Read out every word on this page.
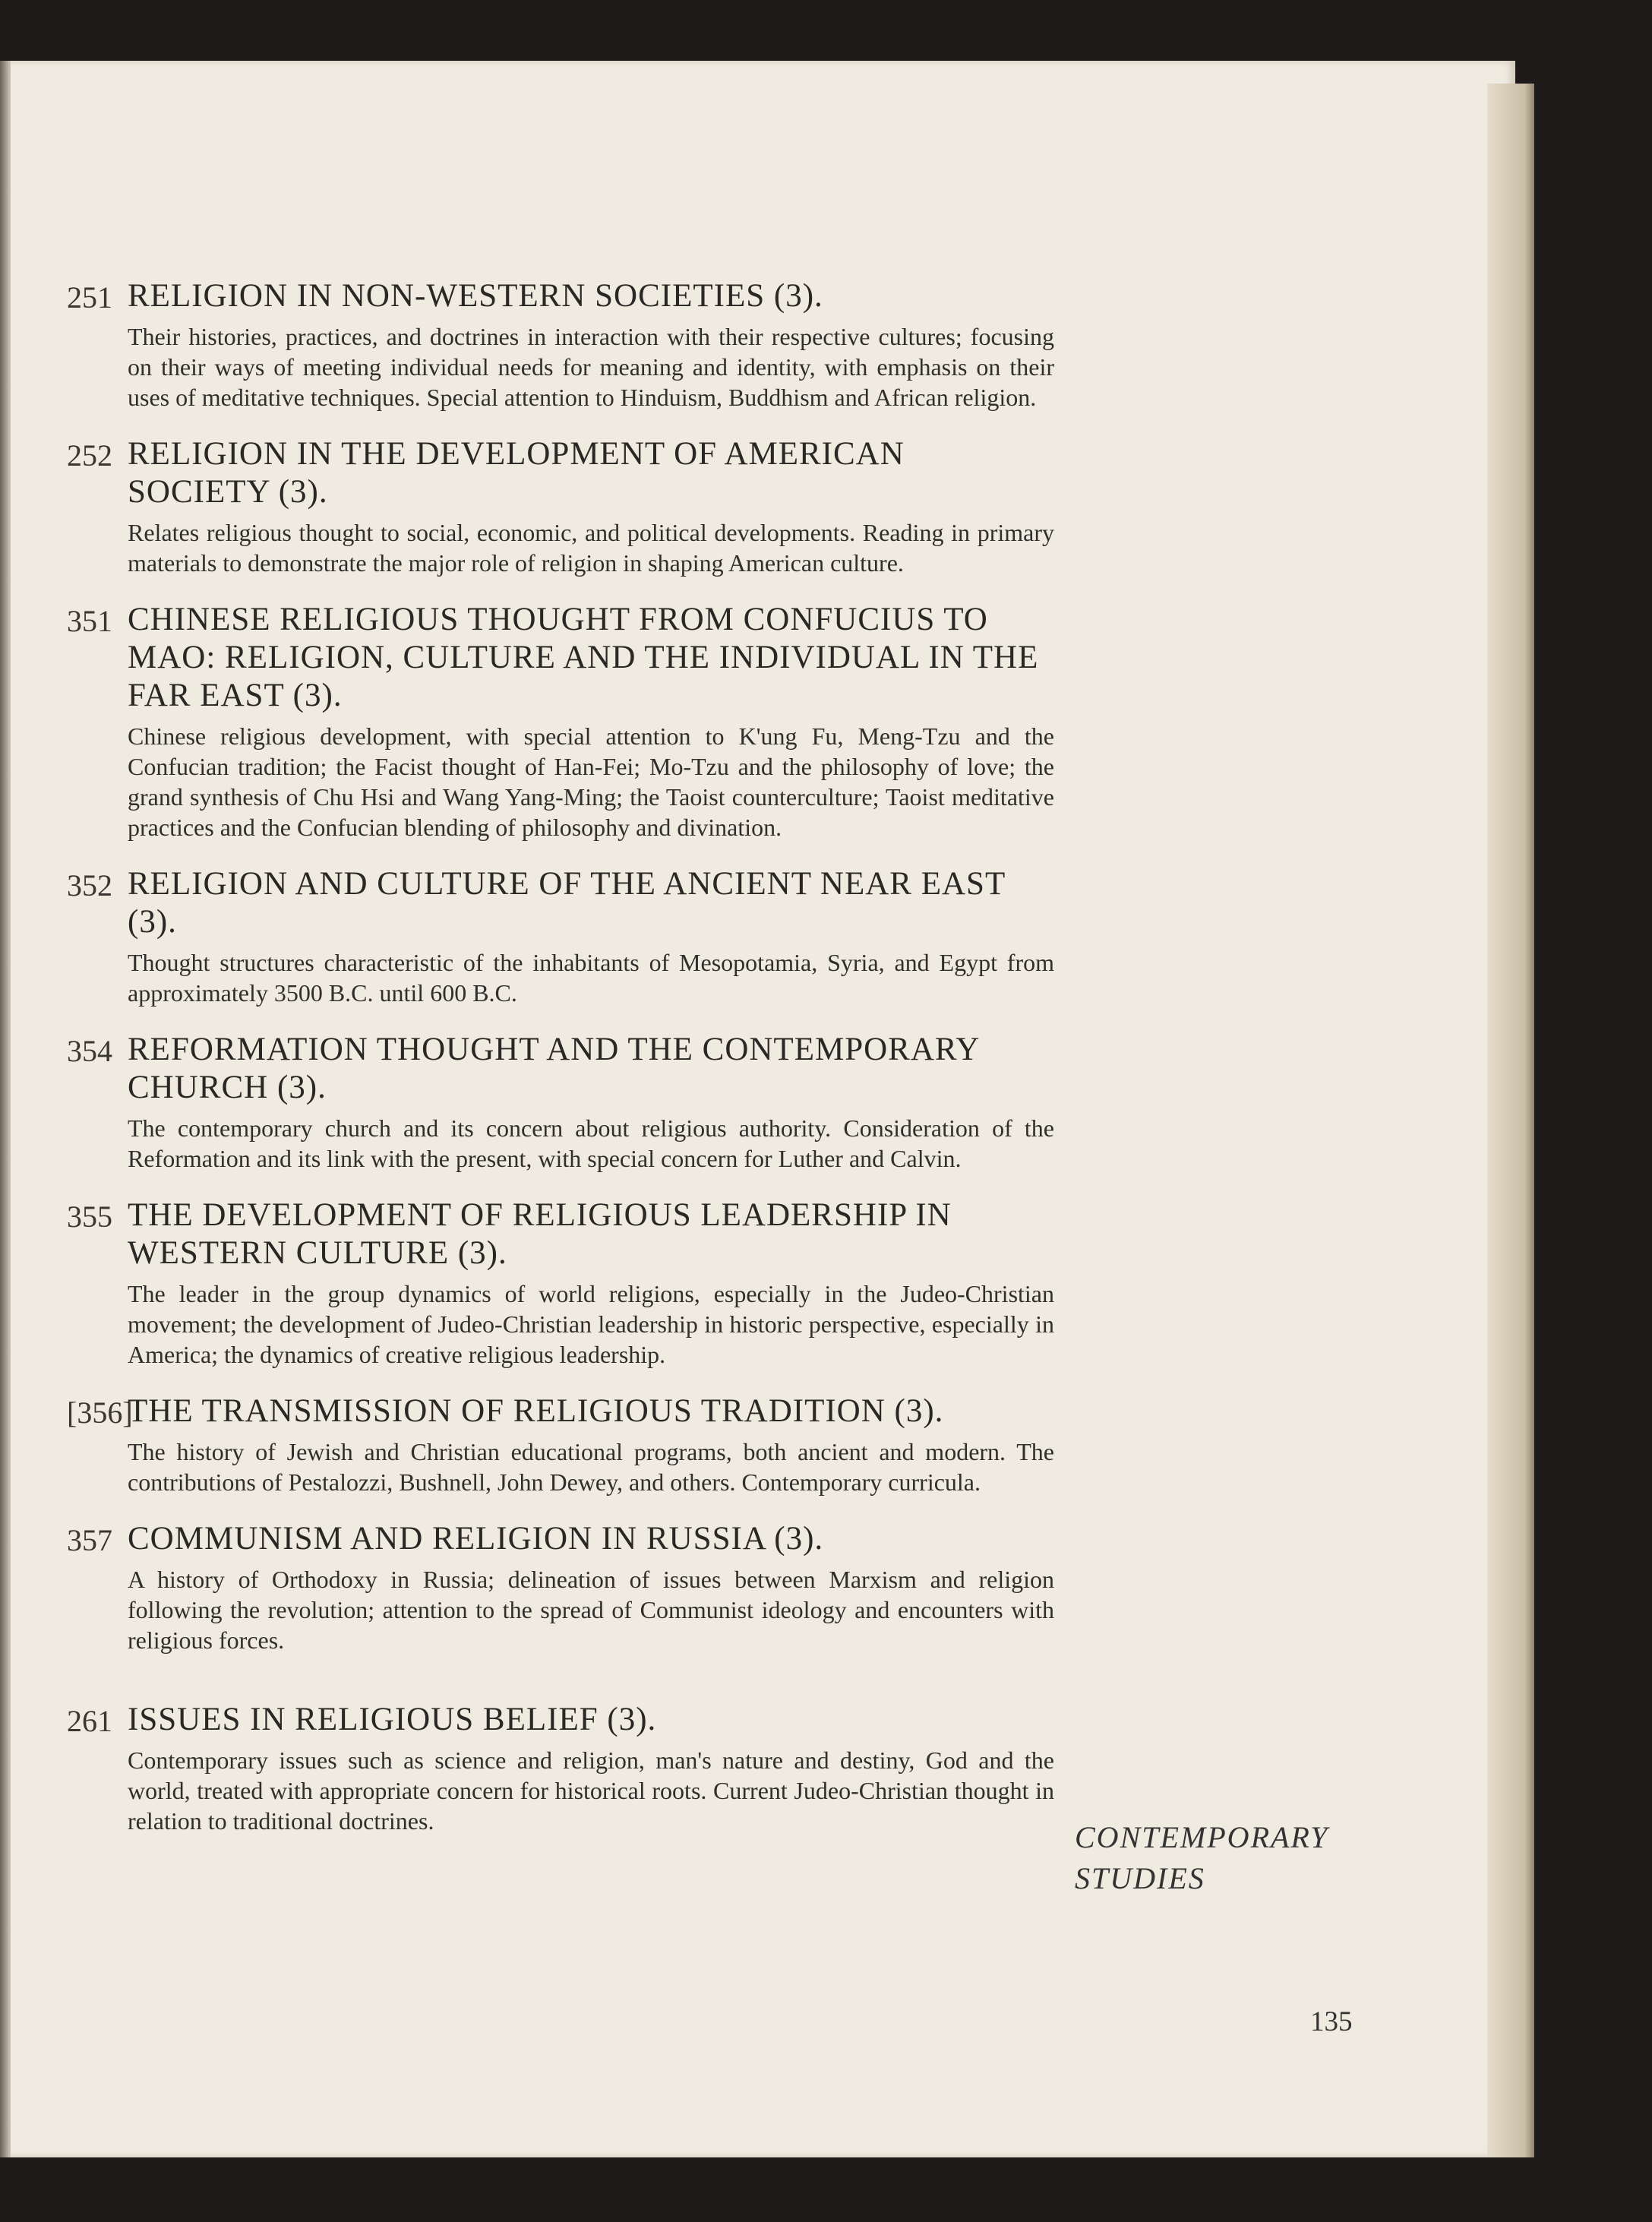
251 RELIGION IN NON-WESTERN SOCIETIES (3).
Their histories, practices, and doctrines in interaction with their respective cultures; focusing on their ways of meeting individual needs for meaning and identity, with emphasis on their uses of meditative techniques. Special attention to Hinduism, Buddhism and African religion.
252 RELIGION IN THE DEVELOPMENT OF AMERICAN SOCIETY (3).
Relates religious thought to social, economic, and political developments. Reading in primary materials to demonstrate the major role of religion in shaping American culture.
351 CHINESE RELIGIOUS THOUGHT FROM CONFUCIUS TO MAO: RELIGION, CULTURE AND THE INDIVIDUAL IN THE FAR EAST (3).
Chinese religious development, with special attention to K'ung Fu, Meng-Tzu and the Confucian tradition; the Facist thought of Han-Fei; Mo-Tzu and the philosophy of love; the grand synthesis of Chu Hsi and Wang Yang-Ming; the Taoist counterculture; Taoist meditative practices and the Confucian blending of philosophy and divination.
352 RELIGION AND CULTURE OF THE ANCIENT NEAR EAST (3).
Thought structures characteristic of the inhabitants of Mesopotamia, Syria, and Egypt from approximately 3500 B.C. until 600 B.C.
354 REFORMATION THOUGHT AND THE CONTEMPORARY CHURCH (3).
The contemporary church and its concern about religious authority. Consideration of the Reformation and its link with the present, with special concern for Luther and Calvin.
355 THE DEVELOPMENT OF RELIGIOUS LEADERSHIP IN WESTERN CULTURE (3).
The leader in the group dynamics of world religions, especially in the Judeo-Christian movement; the development of Judeo-Christian leadership in historic perspective, especially in America; the dynamics of creative religious leadership.
[356]
THE TRANSMISSION OF RELIGIOUS TRADITION (3).
The history of Jewish and Christian educational programs, both ancient and modern. The contributions of Pestalozzi, Bushnell, John Dewey, and others. Contemporary curricula.
357 COMMUNISM AND RELIGION IN RUSSIA (3).
A history of Orthodoxy in Russia; delineation of issues between Marxism and religion following the revolution; attention to the spread of Communist ideology and encounters with religious forces.
261 ISSUES IN RELIGIOUS BELIEF (3).
Contemporary issues such as science and religion, man's nature and destiny, God and the world, treated with appropriate concern for historical roots. Current Judeo-Christian thought in relation to traditional doctrines.	CONTEMPORARY
STUDIES
135
